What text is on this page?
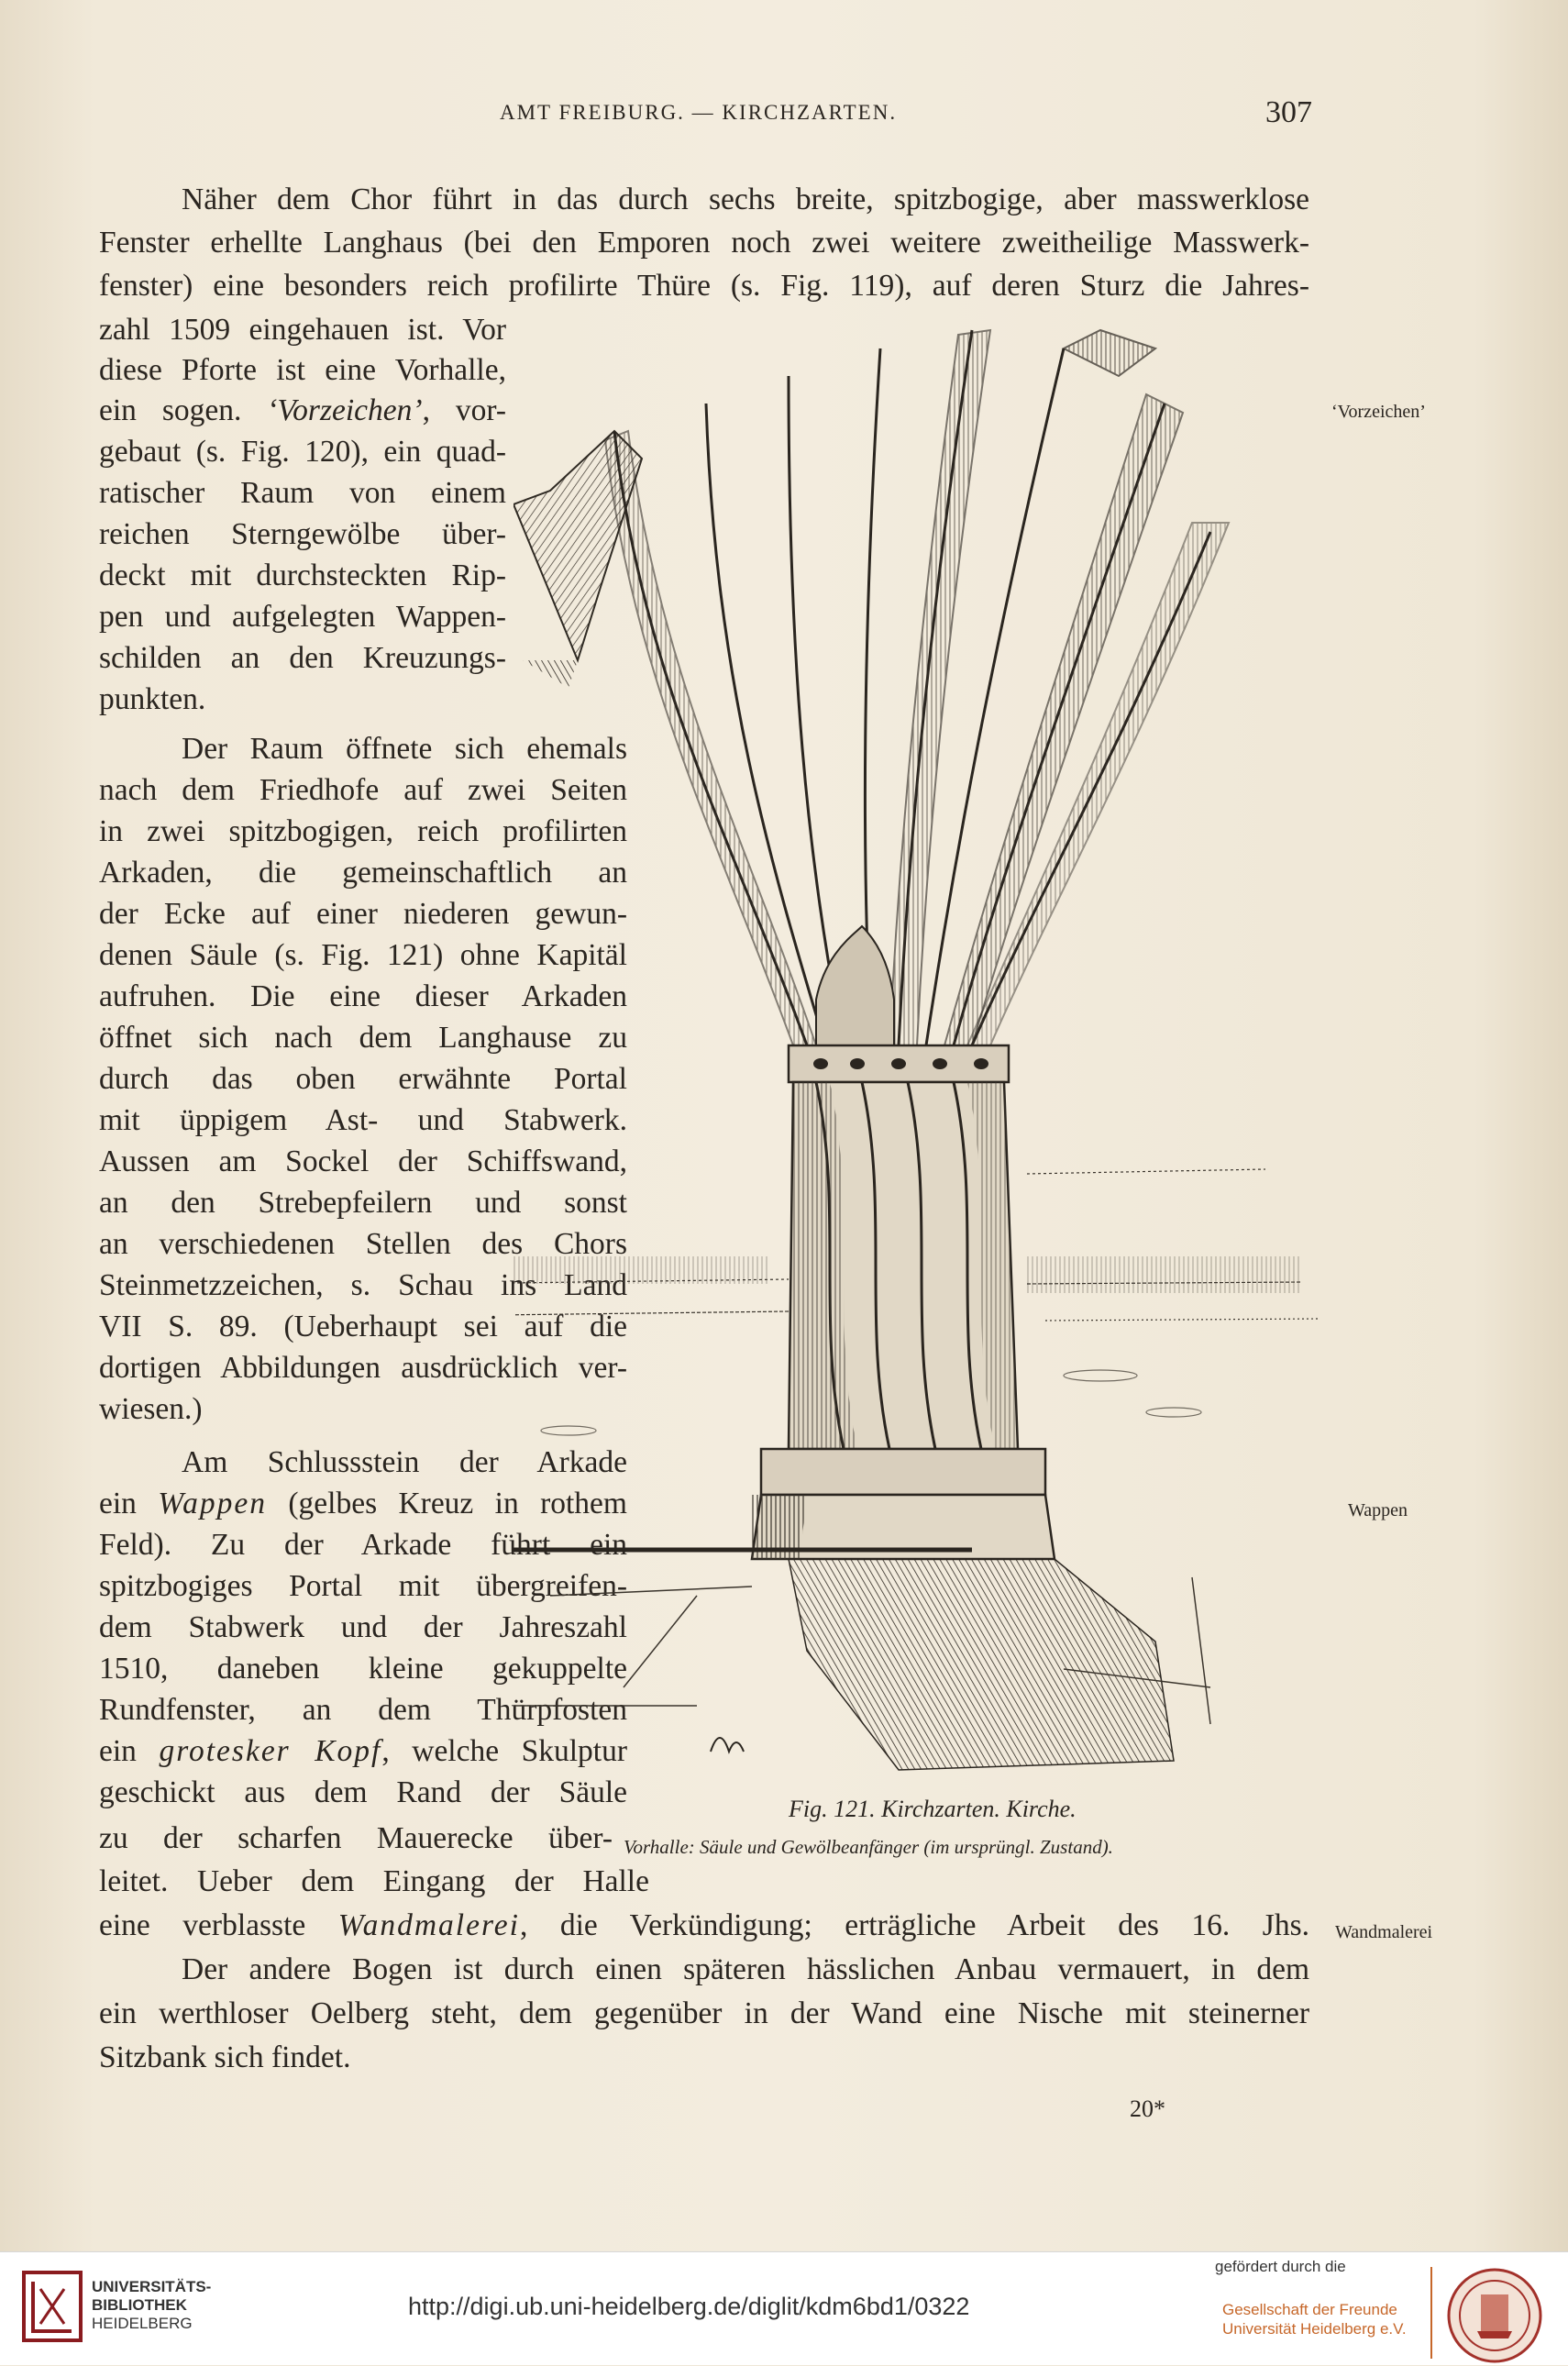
AMT FREIBURG. — KIRCHZARTEN.	307
Näher dem Chor führt in das durch sechs breite, spitzbogige, aber masswerklose
Fenster erhellte Langhaus (bei den Emporen noch zwei weitere zweitheilige Masswerk-
fenster) eine besonders reich profilirte Thüre (s. Fig. 119), auf deren Sturz die Jahres-
zahl 1509 eingehauen ist. Vor
diese Pforte ist eine Vorhalle,
ein sogen. ‘Vorzeichen’, vor-
gebaut (s. Fig. 120), ein quad-
ratischer Raum von einem
reichen Sterngewölbe über-
deckt mit durchsteckten Rip-
pen und aufgelegten Wappen-
schilden an den Kreuzungs-
punkten.
Der Raum öffnete sich ehemals
nach dem Friedhofe auf zwei Seiten
in zwei spitzbogigen, reich profilirten
Arkaden, die gemeinschaftlich an
der Ecke auf einer niederen gewun-
denen Säule (s. Fig. 121) ohne Kapitäl
aufruhen. Die eine dieser Arkaden
öffnet sich nach dem Langhause zu
durch das oben erwähnte Portal
mit üppigem Ast- und Stabwerk.
Aussen am Sockel der Schiffswand,
an den Strebepfeilern und sonst
an verschiedenen Stellen des Chors
Steinmetzzeichen, s. Schau ins Land
VII S. 89. (Ueberhaupt sei auf die
dortigen Abbildungen ausdrücklich ver-
wiesen.)
Am Schlussstein der Arkade
ein Wappen (gelbes Kreuz in rothem
Feld). Zu der Arkade führt ein
spitzbogiges Portal mit übergreifen-
dem Stabwerk und der Jahreszahl
1510, daneben kleine gekuppelte
Rundfenster, an dem Thürpfosten
ein grotesker Kopf, welche Skulptur
geschickt aus dem Rand der Säule
zu der scharfen Mauerecke über-
leitet. Ueber dem Eingang der Halle
eine verblasste Wandmalerei, die Verkündigung; erträgliche Arbeit des 16. Jhs.
Der andere Bogen ist durch einen späteren hässlichen Anbau vermauert, in dem
ein werthloser Oelberg steht, dem gegenüber in der Wand eine Nische mit steinerner
Sitzbank sich findet.
‘Vorzeichen’
Wappen
Wandmalerei
Fig. 121. Kirchzarten. Kirche.
Vorhalle: Säule und Gewölbeanfänger (im ursprüngl. Zustand).
20*
UNIVERSITÄTS-
BIBLIOTHEK
HEIDELBERG
http://digi.ub.uni-heidelberg.de/diglit/kdm6bd1/0322
gefördert durch die
Gesellschaft der Freunde
Universität Heidelberg e.V.
